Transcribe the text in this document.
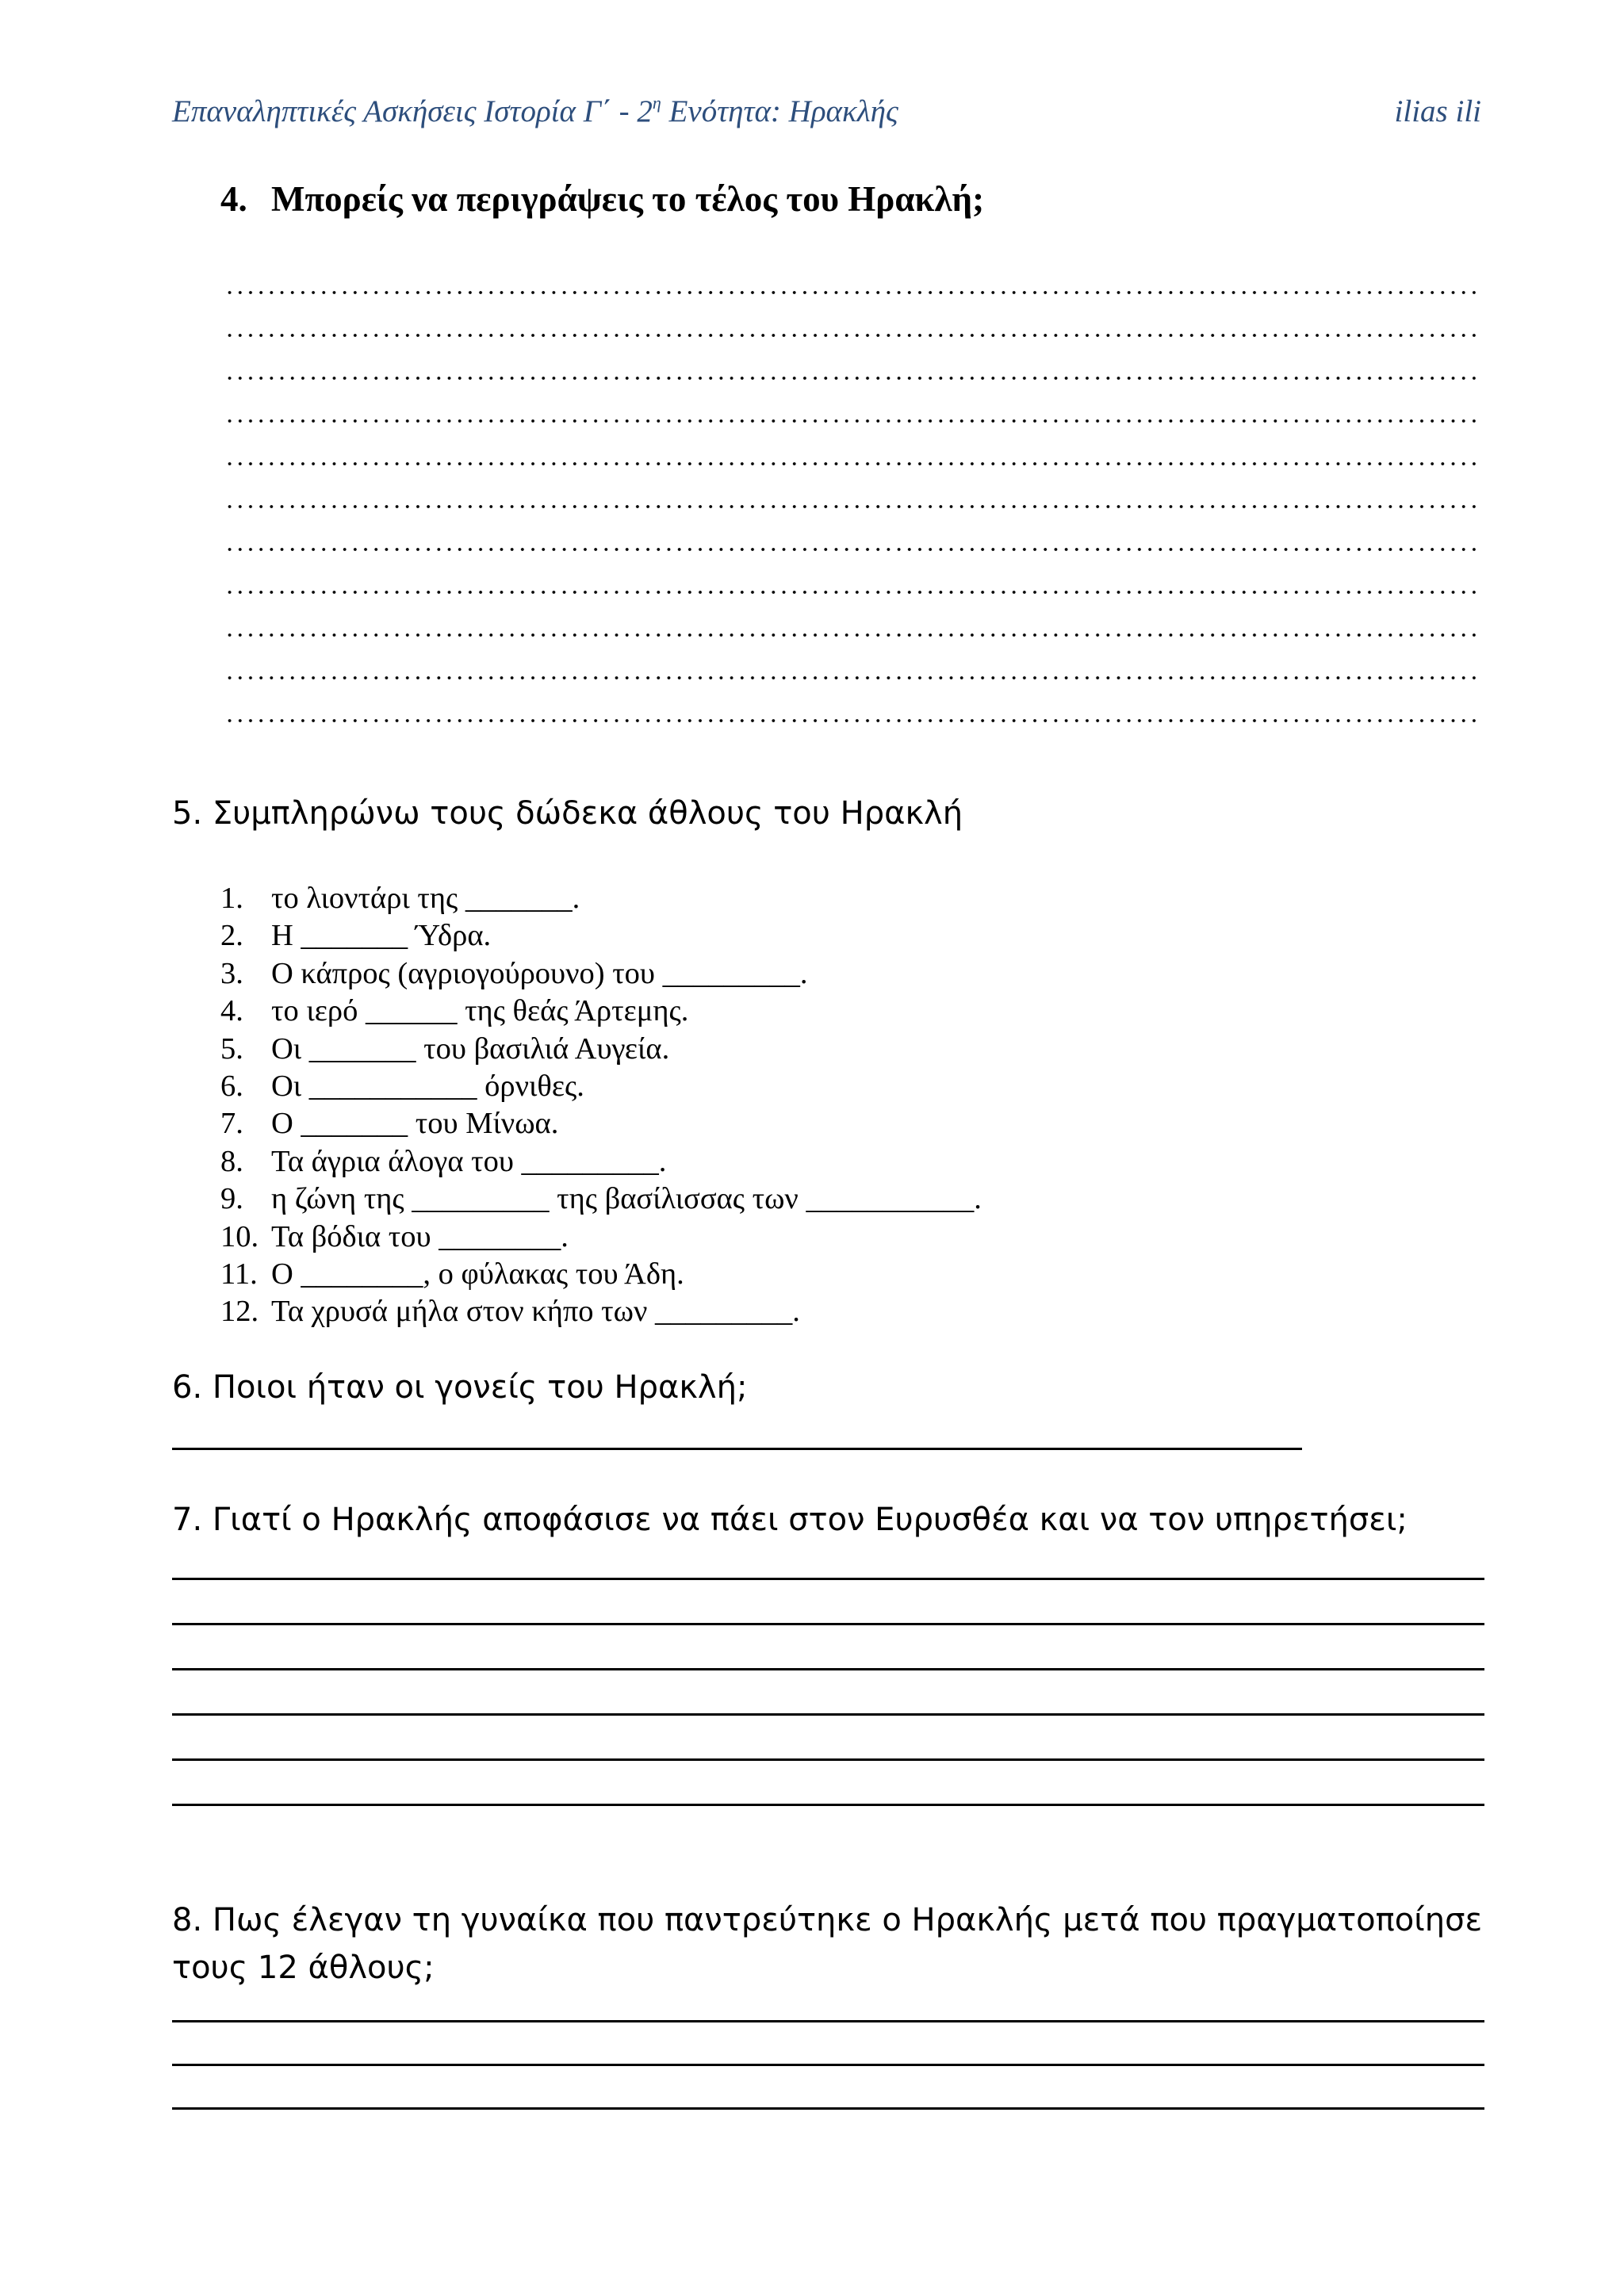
Επαναληπτικές Ασκήσεις Ιστορία $\Gamma΄ - 2^\eta$ Ενότητα: Ηρακλής	ilias ili
4. Μπορείς να περιγράψεις το τέλος του Ηρακλή;
5. Συμπληρώνω τους δώδεκα άθλους του Ηρακλή
1. το λιοντάρι της _______.
2. Η _______ Ύδρα.
3. Ο κάπρος (αγριογούρουνο) του _________.
4. το ιερό ______ της θεάς Άρτεμης.
5. Οι _______ του βασιλιά Αυγεία.
6. Οι ___________ όρνιθες.
7. Ο _______ του Μίνωα.
8. Τα άγρια άλογα του _________.
9. η ζώνη της _________ της βασίλισσας των ___________.
10. Τα βόδια του ________.
11. Ο ________, ο φύλακας του Άδη.
12. Τα χρυσά μήλα στον κήπο των _________.
6. Ποιοι ήταν οι γονείς του Ηρακλή;
7. Γιατί ο Ηρακλής αποφάσισε να πάει στον Ευρυσθέα και να τον υπηρετήσει;
8. Πως έλεγαν τη γυναίκα που παντρεύτηκε ο Ηρακλής μετά που πραγματοποίησε τους 12 άθλους;
